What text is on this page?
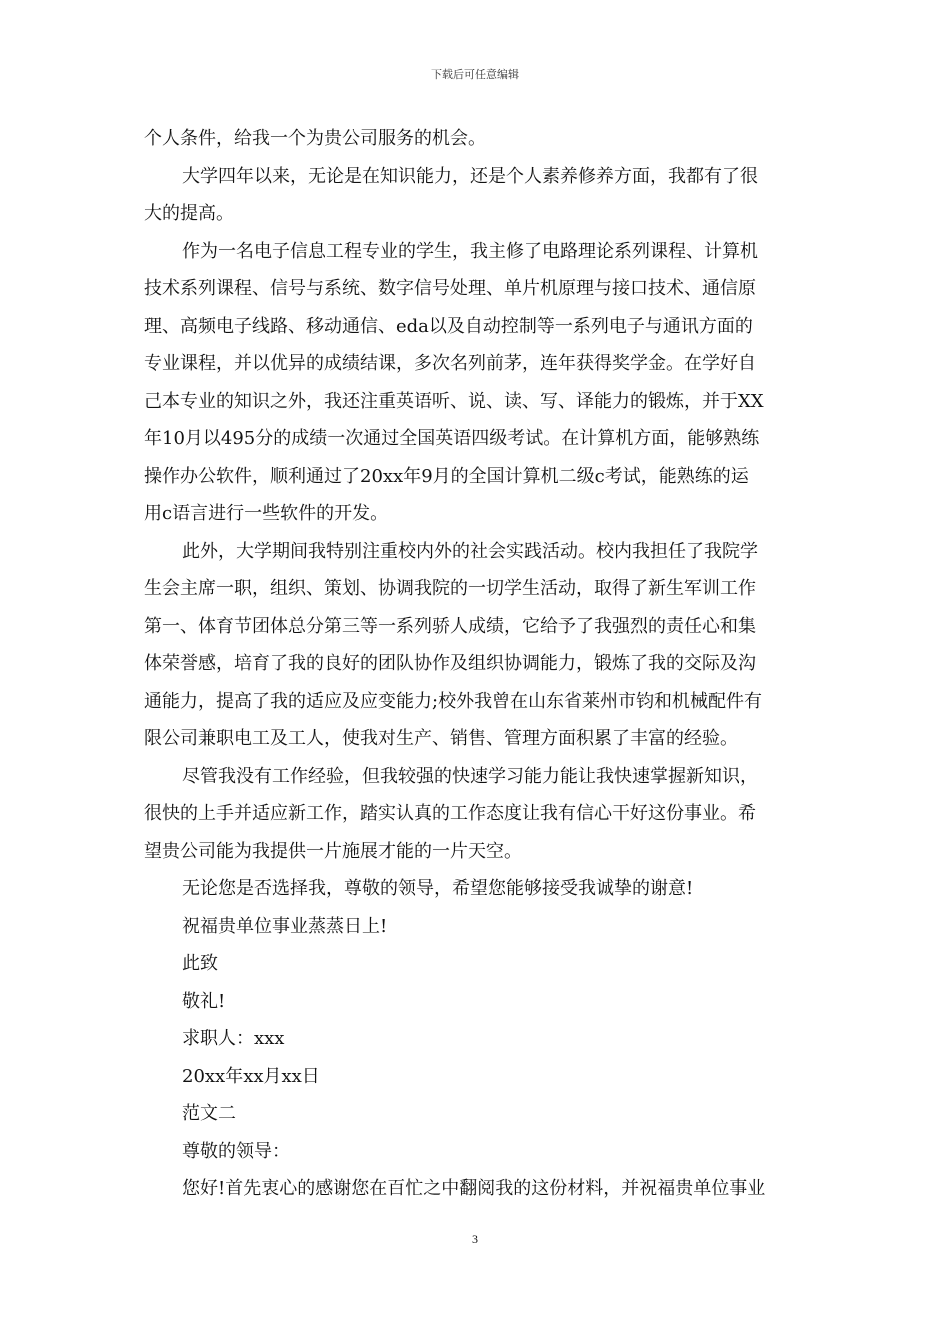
下载后可任意编辑

个人条件，给我一个为贵公司服务的机会。

大学四年以来，无论是在知识能力，还是个人素养修养方面，我都有了很

大的提高。

作为一名电子信息工程专业的学生，我主修了电路理论系列课程、计算机

技术系列课程、信号与系统、数字信号处理、单片机原理与接口技术、通信原

理、高频电子线路、移动通信、eda以及自动控制等一系列电子与通讯方面的

专业课程，并以优异的成绩结课，多次名列前茅，连年获得奖学金。在学好自

己本专业的知识之外，我还注重英语听、说、读、写、译能力的锻炼，并于XX

年10月以495分的成绩一次通过全国英语四级考试。在计算机方面，能够熟练

操作办公软件，顺利通过了20xx年9月的全国计算机二级c考试，能熟练的运

用c语言进行一些软件的开发。

此外，大学期间我特别注重校内外的社会实践活动。校内我担任了我院学

生会主席一职，组织、策划、协调我院的一切学生活动，取得了新生军训工作

第一、体育节团体总分第三等一系列骄人成绩，它给予了我强烈的责任心和集

体荣誉感，培育了我的良好的团队协作及组织协调能力，锻炼了我的交际及沟

通能力，提高了我的适应及应变能力;校外我曾在山东省莱州市钧和机械配件有

限公司兼职电工及工人，使我对生产、销售、管理方面积累了丰富的经验。

尽管我没有工作经验，但我较强的快速学习能力能让我快速掌握新知识，

很快的上手并适应新工作，踏实认真的工作态度让我有信心干好这份事业。希

望贵公司能为我提供一片施展才能的一片天空。

无论您是否选择我，尊敬的领导，希望您能够接受我诚挚的谢意!

祝福贵单位事业蒸蒸日上!

此致

敬礼!

求职人：xxx

20xx年xx月xx日

范文二

尊敬的领导：

您好!首先衷心的感谢您在百忙之中翻阅我的这份材料，并祝福贵单位事业

3
